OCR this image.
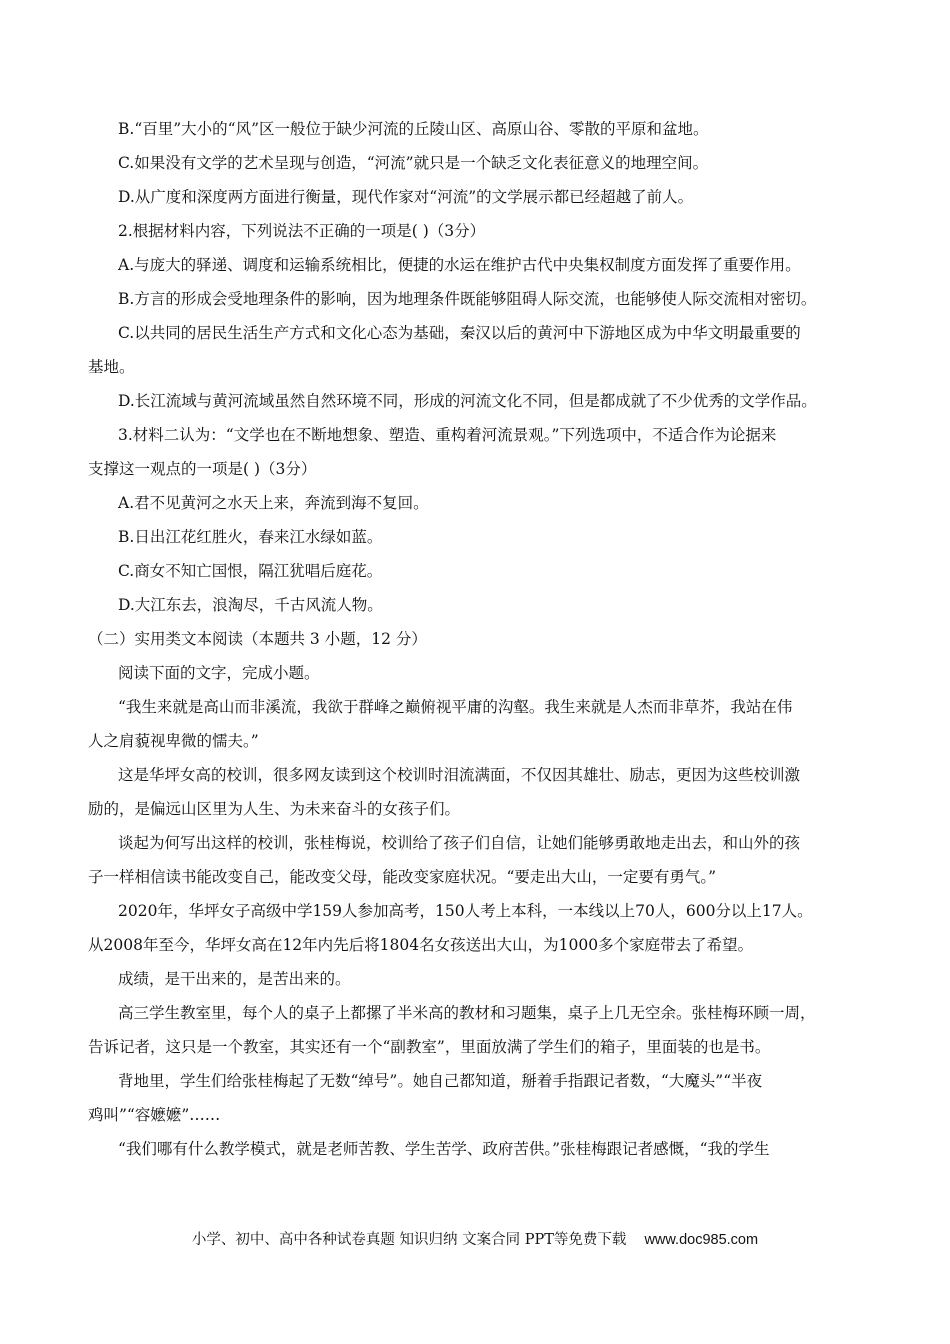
B.“百里”大小的“风”区一般位于缺少河流的丘陵山区、高原山谷、零散的平原和盆地。
C.如果没有文学的艺术呈现与创造，“河流”就只是一个缺乏文化表征意义的地理空间。
D.从广度和深度两方面进行衡量，现代作家对“河流”的文学展示都已经超越了前人。
2.根据材料内容，下列说法不正确的一项是( )（3分）
A.与庞大的驿递、调度和运输系统相比，便捷的水运在维护古代中央集权制度方面发挥了重要作用。
B.方言的形成会受地理条件的影响，因为地理条件既能够阻碍人际交流，也能够使人际交流相对密切。
C.以共同的居民生活生产方式和文化心态为基础，秦汉以后的黄河中下游地区成为中华文明最重要的
基地。
D.长江流域与黄河流域虽然自然环境不同，形成的河流文化不同，但是都成就了不少优秀的文学作品。
3.材料二认为：“文学也在不断地想象、塑造、重构着河流景观。”下列选项中，不适合作为论据来
支撑这一观点的一项是( )（3分）
A.君不见黄河之水天上来，奔流到海不复回。
B.日出江花红胜火，春来江水绿如蓝。
C.商女不知亡国恨，隔江犹唱后庭花。
D.大江东去，浪淘尽，千古风流人物。
（二）实用类文本阅读（本题共 3 小题，12 分）
阅读下面的文字，完成小题。
“我生来就是高山而非溪流，我欲于群峰之巅俯视平庸的沟壑。我生来就是人杰而非草芥，我站在伟
人之肩藐视卑微的懦夫。”
这是华坪女高的校训，很多网友读到这个校训时泪流满面，不仅因其雄壮、励志，更因为这些校训激
励的，是偏远山区里为人生、为未来奋斗的女孩子们。
谈起为何写出这样的校训，张桂梅说，校训给了孩子们自信，让她们能够勇敢地走出去，和山外的孩
子一样相信读书能改变自己，能改变父母，能改变家庭状况。“要走出大山，一定要有勇气。”
2020年，华坪女子高级中学159人参加高考，150人考上本科，一本线以上70人，600分以上17人。
从2008年至今，华坪女高在12年内先后将1804名女孩送出大山，为1000多个家庭带去了希望。
成绩，是干出来的，是苦出来的。
高三学生教室里，每个人的桌子上都摞了半米高的教材和习题集，桌子上几无空余。张桂梅环顾一周，
告诉记者，这只是一个教室，其实还有一个“副教室”，里面放满了学生们的箱子，里面装的也是书。
背地里，学生们给张桂梅起了无数“绰号”。她自己都知道，掰着手指跟记者数，“大魔头”“半夜
鸡叫”“容嬷嬷”……
“我们哪有什么教学模式，就是老师苦教、学生苦学、政府苦供。”张桂梅跟记者感慨，“我的学生
小学、初中、高中各种试卷真题 知识归纳 文案合同 PPT等免费下载 www.doc985.com
